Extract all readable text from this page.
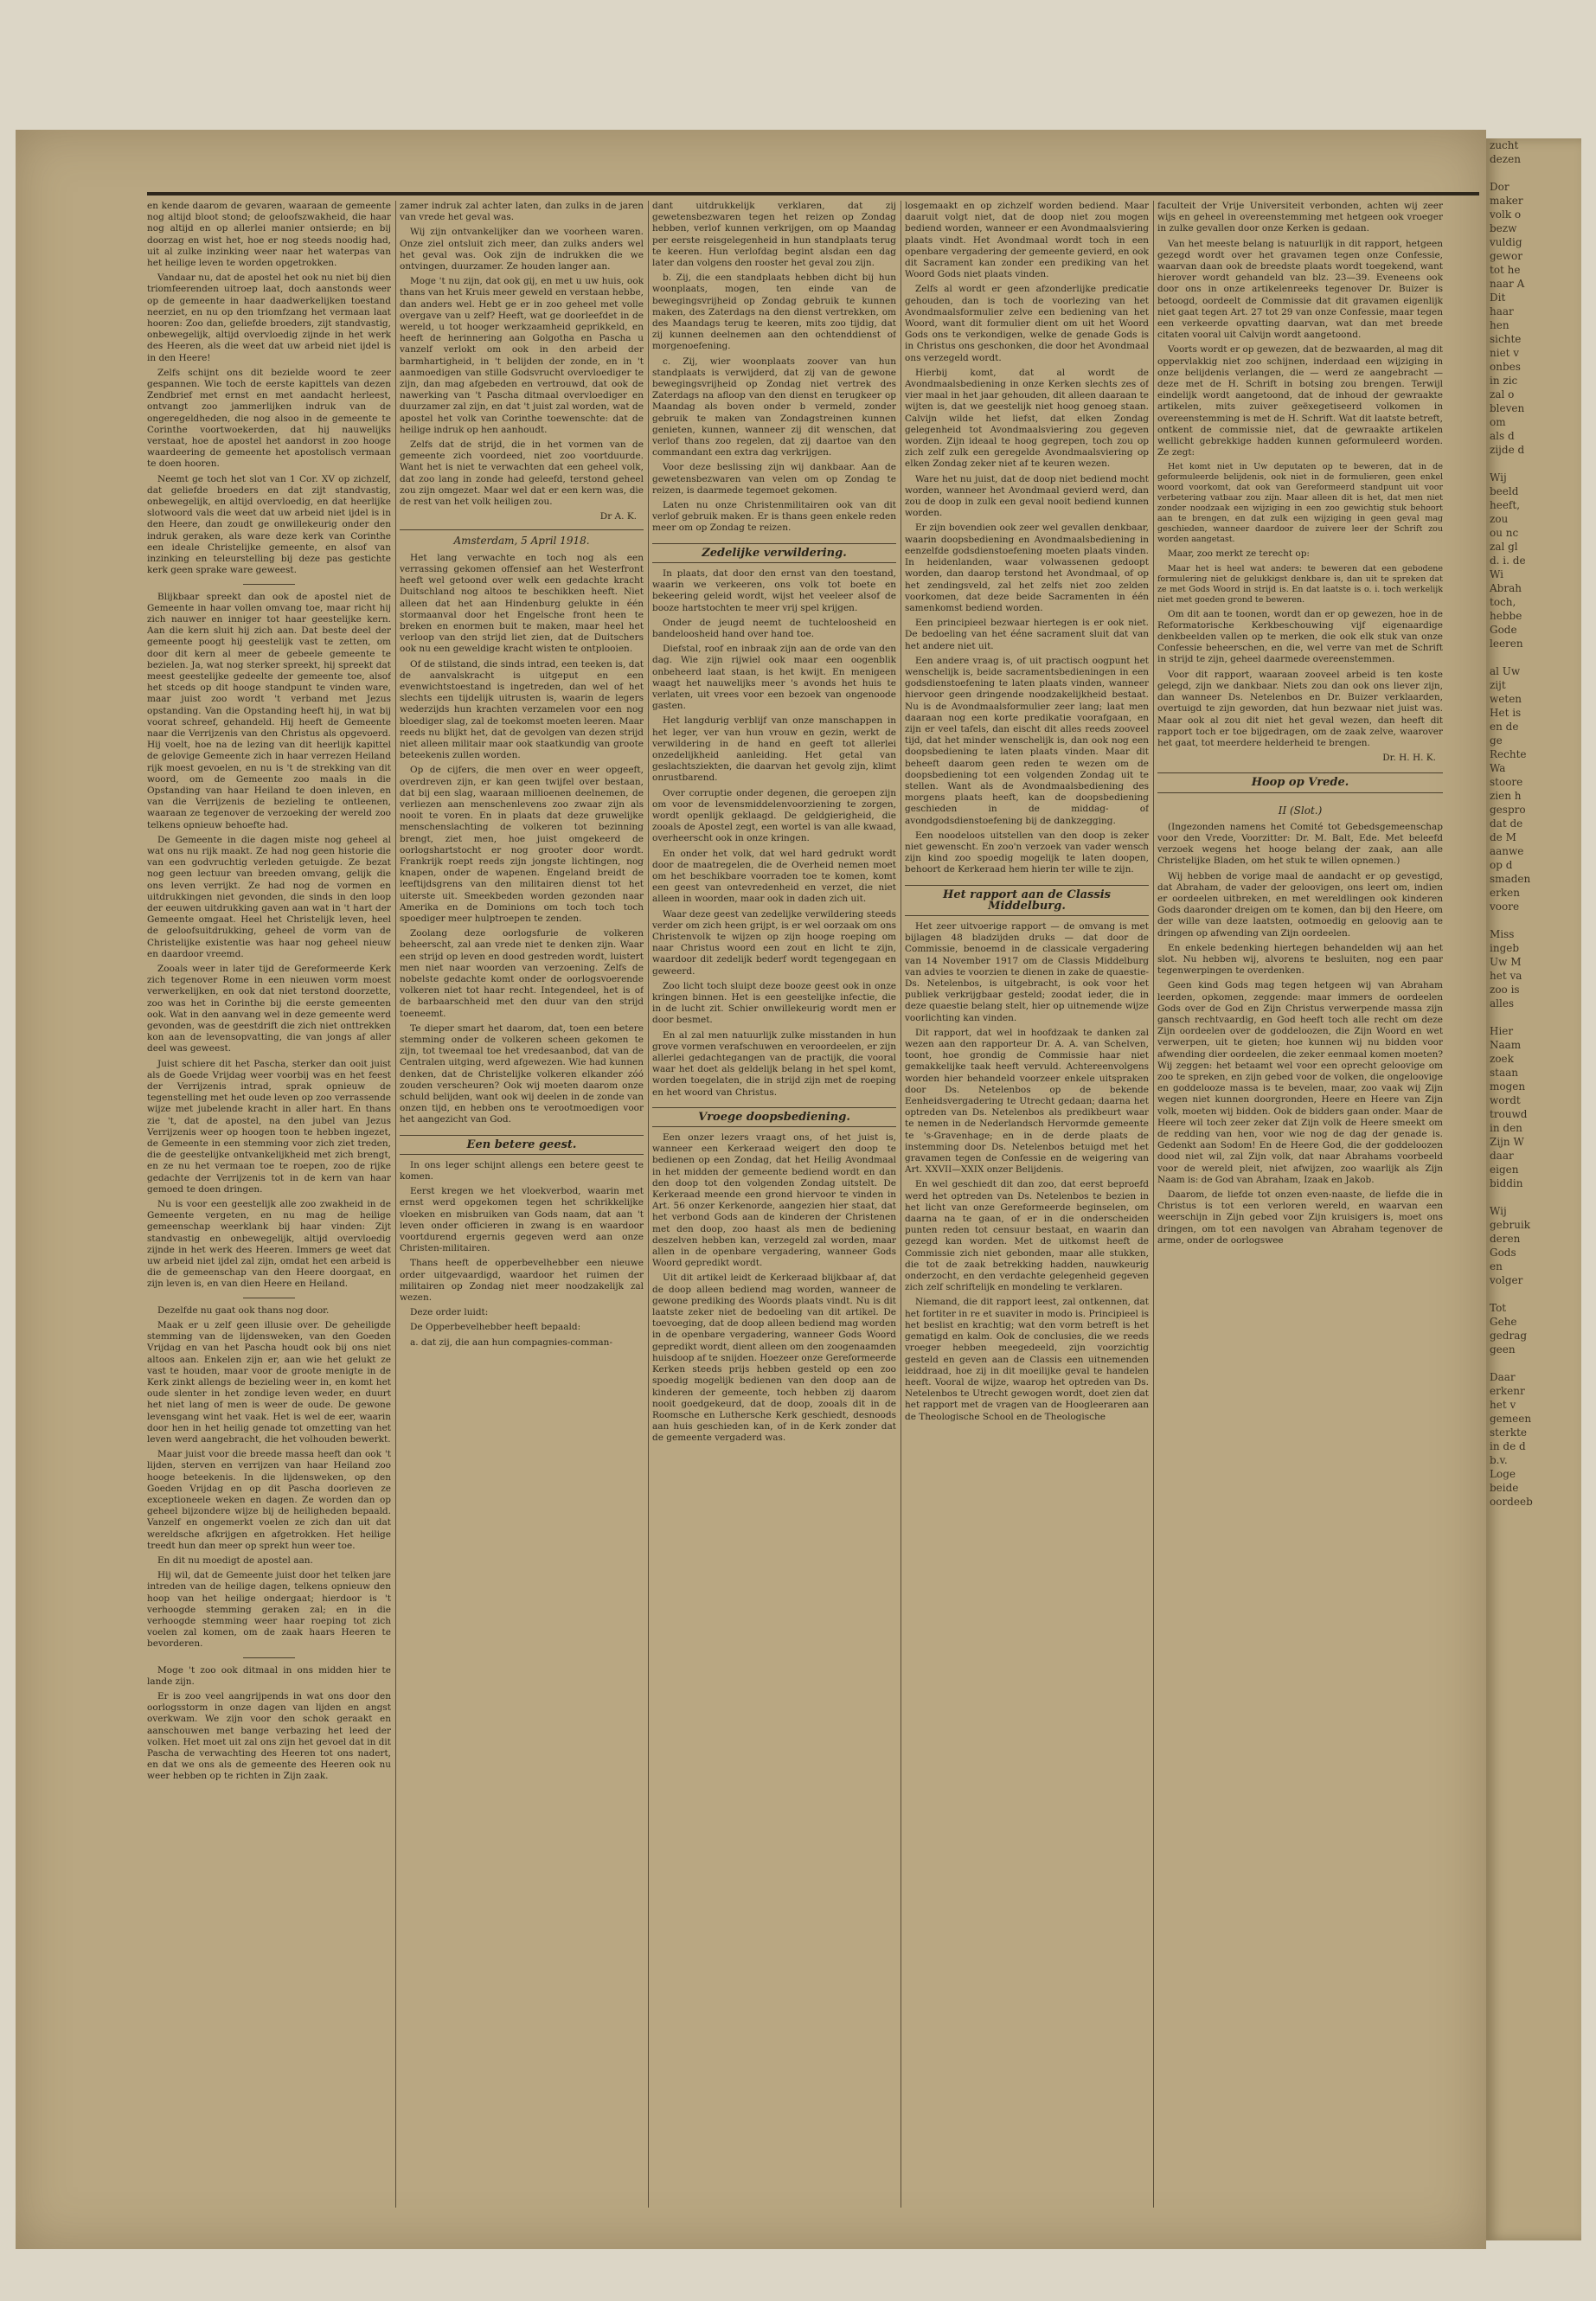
zucht
dezen

Dor
maker
volk o
bezw
vuldig
gewor
tot he
naar A
Dit
haar
hen
sichte
niet v
onbes
in zic
zal o
bleven
om
als d
zijde d

Wij
beeld
heeft,
zou
ou nc
zal gl
d. i. de
Wi
Abrah
toch,
hebbe
Gode
leeren

al Uw
zijt
weten
Het is
en de
ge
Rechte
Wa
stoore
zien h
gespro
dat de
de M
aanwe
op d
smaden
erken
voore

Miss
ingeb
Uw M
het va
zoo is
alles

Hier
Naam
zoek
staan
mogen
wordt
trouwd
in den
Zijn W
daar
eigen
biddin

Wij
gebruik
deren
Gods
en
volger

Tot
Gehe
gedrag
geen

Daar
erkenr
het v
gemeen
sterkte
in de d
b.v.
Loge
beide
oordeeb

en kende daarom de gevaren, waaraan de gemeente nog altijd bloot stond; de geloofszwakheid, die haar nog altijd en op allerlei manier ontsierde; en bij doorzag en wist het, hoe er nog steeds noodig had, uit al zulke inzinking weer naar het waterpas van het heilige leven te worden opgetrokken.

Vandaar nu, dat de apostel het ook nu niet bij dien triomfeerenden uitroep laat, doch aanstonds weer op de gemeente in haar daadwerkelijken toestand neerziet, en nu op den triomfzang het vermaan laat hooren: Zoo dan, geliefde broeders, zijt standvastig, onbewegelijk, altijd overvloedig zijnde in het werk des Heeren, als die weet dat uw arbeid niet ijdel is in den Heere!

Zelfs schijnt ons dit bezielde woord te zeer gespannen. Wie toch de eerste kapittels van dezen Zendbrief met ernst en met aandacht herleest, ontvangt zoo jammerlijken indruk van de ongeregeldheden, die nog alsoo in de gemeente te Corinthe voortwoekerden, dat hij nauwelijks verstaat, hoe de apostel het aandorst in zoo hooge waardeering de gemeente het apostolisch vermaan te doen hooren.

Neemt ge toch het slot van 1 Cor. XV op zichzelf, dat geliefde broeders en dat zijt standvastig, onbewegelijk, en altijd overvloedig, en dat heerlijke slotwoord vals die weet dat uw arbeid niet ijdel is in den Heere, dan zoudt ge onwillekeurig onder den indruk geraken, als ware deze kerk van Corinthe een ideale Christelijke gemeente, en alsof van inzinking en teleurstelling bij deze pas gestichte kerk geen sprake ware geweest.

Blijkbaar spreekt dan ook de apostel niet de Gemeente in haar vollen omvang toe, maar richt hij zich nauwer en inniger tot haar geestelijke kern. Aan die kern sluit hij zich aan. Dat beste deel der gemeente poogt hij geestelijk vast te zetten, om door dit kern al meer de gebeele gemeente te bezielen. Ja, wat nog sterker spreekt, hij spreekt dat meest geestelijke gedeelte der gemeente toe, alsof het stceds op dit hooge standpunt te vinden ware, maar juist zoo wordt 't verband met Jezus opstanding. Van die Opstanding heeft hij, in wat bij voorat schreef, gehandeld. Hij heeft de Gemeente naar die Verrijzenis van den Christus als opgevoerd. Hij voelt, hoe na de lezing van dit heerlijk kapittel de gelovige Gemeente zich in haar verrezen Heiland rijk moest gevoelen, en nu is 't de strekking van dit woord, om de Gemeente zoo maals in die Opstanding van haar Heiland te doen inleven, en van die Verrijzenis de bezieling te ontleenen, waaraan ze tegenover de verzoeking der wereld zoo telkens opnieuw behoefte had.

De Gemeente in die dagen miste nog geheel al wat ons nu rijk maakt. Ze had nog geen historie die van een godvruchtig verleden getuigde. Ze bezat nog geen lectuur van breeden omvang, gelijk die ons leven verrijkt. Ze had nog de vormen en uitdrukkingen niet gevonden, die sinds in den loop der eeuwen uitdrukking gaven aan wat in 't hart der Gemeente omgaat. Heel het Christelijk leven, heel de geloofsuitdrukking, geheel de vorm van de Christelijke existentie was haar nog geheel nieuw en daardoor vreemd.

Zooals weer in later tijd de Gereformeerde Kerk zich tegenover Rome in een nieuwen vorm moest verwerkelijken, en ook dat niet terstond doorzette, zoo was het in Corinthe bij die eerste gemeenten ook. Wat in den aanvang wel in deze gemeente werd gevonden, was de geestdrift die zich niet onttrekken kon aan de levensopvatting, die van jongs af aller deel was geweest.

Juist schiere dit het Pascha, sterker dan ooit juist als de Goede Vrijdag weer voorbij was en het feest der Verrijzenis intrad, sprak opnieuw de tegenstelling met het oude leven op zoo verrassende wijze met jubelende kracht in aller hart. En thans zie 't, dat de apostel, na den jubel van Jezus Verrijzenis weer op hoogen toon te hebben ingezet, de Gemeente in een stemming voor zich ziet treden, die de geestelijke ontvankelijkheid met zich brengt, en ze nu het vermaan toe te roepen, zoo de rijke gedachte der Verrijzenis tot in de kern van haar gemoed te doen dringen.

Nu is voor een geestelijk alle zoo zwakheid in de Gemeente vergeten, en nu mag de heilige gemeenschap weerklank bij haar vinden: Zijt standvastig en onbewegelijk, altijd overvloedig zijnde in het werk des Heeren. Immers ge weet dat uw arbeid niet ijdel zal zijn, omdat het een arbeid is die de gemeenschap van den Heere doorgaat, en zijn leven is, en van dien Heere en Heiland.

Dezelfde nu gaat ook thans nog door.

Maak er u zelf geen illusie over. De geheiligde stemming van de lijdensweken, van den Goeden Vrijdag en van het Pascha houdt ook bij ons niet altoos aan. Enkelen zijn er, aan wie het gelukt ze vast te houden, maar voor de groote menigte in de Kerk zinkt allengs de bezieling weer in, en komt het oude slenter in het zondige leven weder, en duurt het niet lang of men is weer de oude. De gewone levensgang wint het vaak. Het is wel de eer, waarin door hen in het heilig genade tot omzetting van het leven werd aangebracht, die het volhouden bewerkt.

Maar juist voor die breede massa heeft dan ook 't lijden, sterven en verrijzen van haar Heiland zoo hooge beteekenis. In die lijdensweken, op den Goeden Vrijdag en op dit Pascha doorleven ze exceptioneele weken en dagen. Ze worden dan op geheel bijzondere wijze bij de heiligheden bepaald. Vanzelf en ongemerkt voelen ze zich dan uit dat wereldsche afkrijgen en afgetrokken. Het heilige treedt hun dan meer op sprekt hun weer toe.

En dit nu moedigt de apostel aan.

Hij wil, dat de Gemeente juist door het telken jare intreden van de heilige dagen, telkens opnieuw den hoop van het heilige ondergaat; hierdoor is 't verhoogde stemming geraken zal; en in die verhoogde stemming weer haar roeping tot zich voelen zal komen, om de zaak haars Heeren te bevorderen.

Moge 't zoo ook ditmaal in ons midden hier te lande zijn.

Er is zoo veel aangrijpends in wat ons door den oorlogsstorm in onze dagen van lijden en angst overkwam. We zijn voor den schok geraakt en aanschouwen met bange verbazing het leed der volken. Het moet uit zal ons zijn het gevoel dat in dit Pascha de verwachting des Heeren tot ons nadert, en dat we ons als de gemeente des Heeren ook nu weer hebben op te richten in Zijn zaak.

zamer indruk zal achter laten, dan zulks in de jaren van vrede het geval was.

Wij zijn ontvankelijker dan we voorheen waren. Onze ziel ontsluit zich meer, dan zulks anders wel het geval was. Ook zijn de indrukken die we ontvingen, duurzamer. Ze houden langer aan.

Moge 't nu zijn, dat ook gij, en met u uw huis, ook thans van het Kruis meer geweld en verstaan hebbe, dan anders wel. Hebt ge er in zoo geheel met volle overgave van u zelf? Heeft, wat ge doorleefdet in de wereld, u tot hooger werkzaamheid geprikkeld, en heeft de herinnering aan Golgotha en Pascha u vanzelf verlokt om ook in den arbeid der barmhartigheid, in 't belijden der zonde, en in 't aanmoedigen van stille Godsvrucht overvloediger te zijn, dan mag afgebeden en vertrouwd, dat ook de nawerking van 't Pascha ditmaal overvloediger en duurzamer zal zijn, en dat 't juist zal worden, wat de apostel het volk van Corinthe toewenschte: dat de heilige indruk op hen aanhoudt.

Zelfs dat de strijd, die in het vormen van de gemeente zich voordeed, niet zoo voortduurde. Want het is niet te verwachten dat een geheel volk, dat zoo lang in zonde had geleefd, terstond geheel zou zijn omgezet. Maar wel dat er een kern was, die de rest van het volk heiligen zou.

Dr A. K.
Amsterdam, 5 April 1918.

Het lang verwachte en toch nog als een verrassing gekomen offensief aan het Westerfront heeft wel getoond over welk een gedachte kracht Duitschland nog altoos te beschikken heeft. Niet alleen dat het aan Hindenburg gelukte in één stormaanval door het Engelsche front heen te breken en enormen buit te maken, maar heel het verloop van den strijd liet zien, dat de Duitschers ook nu een geweldige kracht wisten te ontplooien.

Of de stilstand, die sinds intrad, een teeken is, dat de aanvalskracht is uitgeput en een evenwichtstoestand is ingetreden, dan wel of het slechts een tijdelijk uitrusten is, waarin de legers wederzijds hun krachten verzamelen voor een nog bloediger slag, zal de toekomst moeten leeren. Maar reeds nu blijkt het, dat de gevolgen van dezen strijd niet alleen militair maar ook staatkundig van groote beteekenis zullen worden.

Op de cijfers, die men over en weer opgeeft, overdreven zijn, er kan geen twijfel over bestaan, dat bij een slag, waaraan millioenen deelnemen, de verliezen aan menschenlevens zoo zwaar zijn als nooit te voren. En in plaats dat deze gruwelijke menschenslachting de volkeren tot bezinning brengt, ziet men, hoe juist omgekeerd de oorlogshartstocht er nog grooter door wordt. Frankrijk roept reeds zijn jongste lichtingen, nog knapen, onder de wapenen. Engeland breidt de leeftijdsgrens van den militairen dienst tot het uiterste uit. Smeekbeden worden gezonden naar Amerika en de Dominions om toch toch toch spoediger meer hulptroepen te zenden.

Zoolang deze oorlogsfurie de volkeren beheerscht, zal aan vrede niet te denken zijn. Waar een strijd op leven en dood gestreden wordt, luistert men niet naar woorden van verzoening. Zelfs de nobelste gedachte komt onder de oorlogsvoerende volkeren niet tot haar recht. Integendeel, het is of de barbaarschheid met den duur van den strijd toeneemt.

Te dieper smart het daarom, dat, toen een betere stemming onder de volkeren scheen gekomen te zijn, tot tweemaal toe het vredesaanbod, dat van de Centralen uitging, werd afgewezen. Wie had kunnen denken, dat de Christelijke volkeren elkander zóó zouden verscheuren? Ook wij moeten daarom onze schuld belijden, want ook wij deelen in de zonde van onzen tijd, en hebben ons te verootmoedigen voor het aangezicht van God.

Een betere geest.

In ons leger schijnt allengs een betere geest te komen.

Eerst kregen we het vloekverbod, waarin met ernst werd opgekomen tegen het schrikkelijke vloeken en misbruiken van Gods naam, dat aan 't leven onder officieren in zwang is en waardoor voortdurend ergernis gegeven werd aan onze Christen-militairen.

Thans heeft de opperbevelhebber een nieuwe order uitgevaardigd, waardoor het ruimen der militairen op Zondag niet meer noodzakelijk zal wezen.

Deze order luidt:

De Opperbevelhebber heeft bepaald:

a. dat zij, die aan hun compagnies-comman-

dant uitdrukkelijk verklaren, dat zij gewetensbezwaren tegen het reizen op Zondag hebben, verlof kunnen verkrijgen, om op Maandag per eerste reisgelegenheid in hun standplaats terug te keeren. Hun verlofdag begint alsdan een dag later dan volgens den rooster het geval zou zijn.

b. Zij, die een standplaats hebben dicht bij hun woonplaats, mogen, ten einde van de bewegingsvrijheid op Zondag gebruik te kunnen maken, des Zaterdags na den dienst vertrekken, om des Maandags terug te keeren, mits zoo tijdig, dat zij kunnen deelnemen aan den ochtenddienst of morgenoefening.

c. Zij, wier woonplaats zoover van hun standplaats is verwijderd, dat zij van de gewone bewegingsvrijheid op Zondag niet vertrek des Zaterdags na afloop van den dienst en terugkeer op Maandag als boven onder b vermeld, zonder gebruik te maken van Zondagstreinen kunnen genieten, kunnen, wanneer zij dit wenschen, dat verlof thans zoo regelen, dat zij daartoe van den commandant een extra dag verkrijgen.

Voor deze beslissing zijn wij dankbaar. Aan de gewetensbezwaren van velen om op Zondag te reizen, is daarmede tegemoet gekomen.

Laten nu onze Christenmilitairen ook van dit verlof gebruik maken. Er is thans geen enkele reden meer om op Zondag te reizen.

Zedelijke verwildering.

In plaats, dat door den ernst van den toestand, waarin we verkeeren, ons volk tot boete en bekeering geleid wordt, wijst het veeleer alsof de booze hartstochten te meer vrij spel krijgen.

Onder de jeugd neemt de tuchteloosheid en bandeloosheid hand over hand toe.

Diefstal, roof en inbraak zijn aan de orde van den dag. Wie zijn rijwiel ook maar een oogenblik onbeheerd laat staan, is het kwijt. En menigeen waagt het nauwelijks meer 's avonds het huis te verlaten, uit vrees voor een bezoek van ongenoode gasten.

Het langdurig verblijf van onze manschappen in het leger, ver van hun vrouw en gezin, werkt de verwildering in de hand en geeft tot allerlei onzedelijkheid aanleiding. Het getal van geslachtsziekten, die daarvan het gevolg zijn, klimt onrustbarend.

Over corruptie onder degenen, die geroepen zijn om voor de levensmiddelenvoorziening te zorgen, wordt openlijk geklaagd. De geldgierigheid, die zooals de Apostel zegt, een wortel is van alle kwaad, overheerscht ook in onze kringen.

En onder het volk, dat wel hard gedrukt wordt door de maatregelen, die de Overheid nemen moet om het beschikbare voorraden toe te komen, komt een geest van ontevredenheid en verzet, die niet alleen in woorden, maar ook in daden zich uit.

Waar deze geest van zedelijke verwildering steeds verder om zich heen grijpt, is er wel oorzaak om ons Christenvolk te wijzen op zijn hooge roeping om naar Christus woord een zout en licht te zijn, waardoor dit zedelijk bederf wordt tegengegaan en geweerd.

Zoo licht toch sluipt deze booze geest ook in onze kringen binnen. Het is een geestelijke infectie, die in de lucht zit. Schier onwillekeurig wordt men er door besmet.

En al zal men natuurlijk zulke misstanden in hun grove vormen verafschuwen en veroordeelen, er zijn allerlei gedachtegangen van de practijk, die vooral waar het doet als geldelijk belang in het spel komt, worden toegelaten, die in strijd zijn met de roeping en het woord van Christus.

Vroege doopsbediening.

Een onzer lezers vraagt ons, of het juist is, wanneer een Kerkeraad weigert den doop te bedienen op een Zondag, dat het Heilig Avondmaal in het midden der gemeente bediend wordt en dan den doop tot den volgenden Zondag uitstelt. De Kerkeraad meende een grond hiervoor te vinden in Art. 56 onzer Kerkenorde, aangezien hier staat, dat het verbond Gods aan de kinderen der Christenen met den doop, zoo haast als men de bediening deszelven hebben kan, verzegeld zal worden, maar allen in de openbare vergadering, wanneer Gods Woord gepredikt wordt.

Uit dit artikel leidt de Kerkeraad blijkbaar af, dat de doop alleen bediend mag worden, wanneer de gewone prediking des Woords plaats vindt. Nu is dit laatste zeker niet de bedoeling van dit artikel. De toevoeging, dat de doop alleen bediend mag worden in de openbare vergadering, wanneer Gods Woord gepredikt wordt, dient alleen om den zoogenaamden huisdoop af te snijden. Hoezeer onze Gereformeerde Kerken steeds prijs hebben gesteld op een zoo spoedig mogelijk bedienen van den doop aan de kinderen der gemeente, toch hebben zij daarom nooit goedgekeurd, dat de doop, zooals dit in de Roomsche en Luthersche Kerk geschiedt, desnoods aan huis geschieden kan, of in de Kerk zonder dat de gemeente vergaderd was.

losgemaakt en op zichzelf worden bediend. Maar daaruit volgt niet, dat de doop niet zou mogen bediend worden, wanneer er een Avondmaalsviering plaats vindt. Het Avondmaal wordt toch in een openbare vergadering der gemeente gevierd, en ook dit Sacrament kan zonder een prediking van het Woord Gods niet plaats vinden.

Zelfs al wordt er geen afzonderlijke predicatie gehouden, dan is toch de voorlezing van het Avondmaalsformulier zelve een bediening van het Woord, want dit formulier dient om uit het Woord Gods ons te verkondigen, welke de genade Gods is in Christus ons geschonken, die door het Avondmaal ons verzegeld wordt.

Hierbij komt, dat al wordt de Avondmaalsbediening in onze Kerken slechts zes of vier maal in het jaar gehouden, dit alleen daaraan te wijten is, dat we geestelijk niet hoog genoeg staan. Calvijn wilde het liefst, dat elken Zondag gelegenheid tot Avondmaalsviering zou gegeven worden. Zijn ideaal te hoog gegrepen, toch zou op zich zelf zulk een geregelde Avondmaalsviering op elken Zondag zeker niet af te keuren wezen.

Ware het nu juist, dat de doop niet bediend mocht worden, wanneer het Avondmaal gevierd werd, dan zou de doop in zulk een geval nooit bediend kunnen worden.

Er zijn bovendien ook zeer wel gevallen denkbaar, waarin doopsbediening en Avondmaalsbediening in eenzelfde godsdienstoefening moeten plaats vinden. In heidenlanden, waar volwassenen gedoopt worden, dan daarop terstond het Avondmaal, of op het zendingsveld, zal het zelfs niet zoo zelden voorkomen, dat deze beide Sacramenten in één samenkomst bediend worden.

Een principieel bezwaar hiertegen is er ook niet. De bedoeling van het ééne sacrament sluit dat van het andere niet uit.

Een andere vraag is, of uit practisch oogpunt het wenschelijk is, beide sacramentsbedieningen in een godsdienstoefening te laten plaats vinden, wanneer hiervoor geen dringende noodzakelijkheid bestaat. Nu is de Avondmaalsformulier zeer lang; laat men daaraan nog een korte predikatie voorafgaan, en zijn er veel tafels, dan eischt dit alles reeds zooveel tijd, dat het minder wenschelijk is, dan ook nog een doopsbediening te laten plaats vinden. Maar dit beheeft daarom geen reden te wezen om de doopsbediening tot een volgenden Zondag uit te stellen. Want als de Avondmaalsbediening des morgens plaats heeft, kan de doopsbediening geschieden in de middag- of avondgodsdienstoefening bij de dankzegging.

Een noodeloos uitstellen van den doop is zeker niet gewenscht. En zoo'n verzoek van vader wensch zijn kind zoo spoedig mogelijk te laten doopen, behoort de Kerkeraad hem hierin ter wille te zijn.

Het rapport aan de Classis Middelburg.

Het zeer uitvoerige rapport — de omvang is met bijlagen 48 bladzijden druks — dat door de Commissie, benoemd in de classicale vergadering van 14 November 1917 om de Classis Middelburg van advies te voorzien te dienen in zake de quaestie-Ds. Netelenbos, is uitgebracht, is ook voor het publiek verkrijgbaar gesteld; zoodat ieder, die in deze quaestie belang stelt, hier op uitnemende wijze voorlichting kan vinden.

Dit rapport, dat wel in hoofdzaak te danken zal wezen aan den rapporteur Dr. A. A. van Schelven, toont, hoe grondig de Commissie haar niet gemakkelijke taak heeft vervuld. Achtereenvolgens worden hier behandeld voorzeer enkele uitspraken door Ds. Netelenbos op de bekende Eenheidsvergadering te Utrecht gedaan; daarna het optreden van Ds. Netelenbos als predikbeurt waar te nemen in de Nederlandsch Hervormde gemeente te 's-Gravenhage; en in de derde plaats de instemming door Ds. Netelenbos betuigd met het gravamen tegen de Confessie en de weigering van Art. XXVII—XXIX onzer Belijdenis.

En wel geschiedt dit dan zoo, dat eerst beproefd werd het optreden van Ds. Netelenbos te bezien in het licht van onze Gereformeerde beginselen, om daarna na te gaan, of er in die onderscheiden punten reden tot censuur bestaat, en waarin dan gezegd kan worden. Met de uitkomst heeft de Commissie zich niet gebonden, maar alle stukken, die tot de zaak betrekking hadden, nauwkeurig onderzocht, en den verdachte gelegenheid gegeven zich zelf schriftelijk en mondeling te verklaren.

Niemand, die dit rapport leest, zal ontkennen, dat het fortiter in re et suaviter in modo is. Principieel is het beslist en krachtig; wat den vorm betreft is het gematigd en kalm. Ook de conclusies, die we reeds vroeger hebben meegedeeld, zijn voorzichtig gesteld en geven aan de Classis een uitnemenden leiddraad, hoe zij in dit moeilijke geval te handelen heeft. Vooral de wijze, waarop het optreden van Ds. Netelenbos te Utrecht gewogen wordt, doet zien dat het rapport met de vragen van de Hoogleeraren aan de Theologische School en de Theologische

faculteit der Vrije Universiteit verbonden, achten wij zeer wijs en geheel in overeenstemming met hetgeen ook vroeger in zulke gevallen door onze Kerken is gedaan.

Van het meeste belang is natuurlijk in dit rapport, hetgeen gezegd wordt over het gravamen tegen onze Confessie, waarvan daan ook de breedste plaats wordt toegekend, want hierover wordt gehandeld van blz. 23—39. Eveneens ook door ons in onze artikelenreeks tegenover Dr. Buizer is betoogd, oordeelt de Commissie dat dit gravamen eigenlijk niet gaat tegen Art. 27 tot 29 van onze Confessie, maar tegen een verkeerde opvatting daarvan, wat dan met breede citaten vooral uit Calvijn wordt aangetoond.

Voorts wordt er op gewezen, dat de bezwaarden, al mag dit oppervlakkig niet zoo schijnen, inderdaad een wijziging in onze belijdenis verlangen, die — werd ze aangebracht — deze met de H. Schrift in botsing zou brengen. Terwijl eindelijk wordt aangetoond, dat de inhoud der gewraakte artikelen, mits zuiver geëxegetiseerd volkomen in overeenstemming is met de H. Schrift. Wat dit laatste betreft, ontkent de commissie niet, dat de gewraakte artikelen wellicht gebrekkige hadden kunnen geformuleerd worden. Ze zegt:

Het komt niet in Uw deputaten op te beweren, dat in de geformuleerde belijdenis, ook niet in de formulieren, geen enkel woord voorkomt, dat ook van Gereformeerd standpunt uit voor verbetering vatbaar zou zijn. Maar alleen dit is het, dat men niet zonder noodzaak een wijziging in een zoo gewichtig stuk behoort aan te brengen, en dat zulk een wijziging in geen geval mag geschieden, wanneer daardoor de zuivere leer der Schrift zou worden aangetast.

Maar, zoo merkt ze terecht op:

Maar het is heel wat anders: te beweren dat een gebodene formulering niet de gelukkigst denkbare is, dan uit te spreken dat ze met Gods Woord in strijd is. En dat laatste is o. i. toch werkelijk niet met goeden grond te beweren.

Om dit aan te toonen, wordt dan er op gewezen, hoe in de Reformatorische Kerkbeschouwing vijf eigenaardige denkbeelden vallen op te merken, die ook elk stuk van onze Confessie beheerschen, en die, wel verre van met de Schrift in strijd te zijn, geheel daarmede overeenstemmen.

Voor dit rapport, waaraan zooveel arbeid is ten koste gelegd, zijn we dankbaar. Niets zou dan ook ons liever zijn, dan wanneer Ds. Netelenbos en Dr. Buizer verklaarden, overtuigd te zijn geworden, dat hun bezwaar niet juist was. Maar ook al zou dit niet het geval wezen, dan heeft dit rapport toch er toe bijgedragen, om de zaak zelve, waarover het gaat, tot meerdere helderheid te brengen.

Dr. H. H. K.
Hoop op Vrede.
II (Slot.)

(Ingezonden namens het Comité tot Gebedsgemeenschap voor den Vrede, Voorzitter: Dr. M. Balt, Ede. Met beleefd verzoek wegens het hooge belang der zaak, aan alle Christelijke Bladen, om het stuk te willen opnemen.)

Wij hebben de vorige maal de aandacht er op gevestigd, dat Abraham, de vader der geloovigen, ons leert om, indien er oordeelen uitbreken, en met wereldlingen ook kinderen Gods daaronder dreigen om te komen, dan bij den Heere, om der wille van deze laatsten, ootmoedig en geloovig aan te dringen op afwending van Zijn oordeelen.

En enkele bedenking hiertegen behandelden wij aan het slot. Nu hebben wij, alvorens te besluiten, nog een paar tegenwerpingen te overdenken.

Geen kind Gods mag tegen hetgeen wij van Abraham leerden, opkomen, zeggende: maar immers de oordeelen Gods over de God en Zijn Christus verwerpende massa zijn gansch rechtvaardig, en God heeft toch alle recht om deze Zijn oordeelen over de goddeloozen, die Zijn Woord en wet verwerpen, uit te gieten; hoe kunnen wij nu bidden voor afwending dier oordeelen, die zeker eenmaal komen moeten? Wij zeggen: het betaamt wel voor een oprecht geloovige om zoo te spreken, en zijn gebed voor de volken, die ongeloovige en goddelooze massa is te bevelen, maar, zoo vaak wij Zijn wegen niet kunnen doorgronden, Heere en Heere van Zijn volk, moeten wij bidden. Ook de bidders gaan onder. Maar de Heere wil toch zeer zeker dat Zijn volk de Heere smeekt om de redding van hen, voor wie nog de dag der genade is. Gedenkt aan Sodom! En de Heere God, die der goddeloozen dood niet wil, zal Zijn volk, dat naar Abrahams voorbeeld voor de wereld pleit, niet afwijzen, zoo waarlijk als Zijn Naam is: de God van Abraham, Izaak en Jakob.

Daarom, de liefde tot onzen even-naaste, de liefde die in Christus is tot een verloren wereld, en waarvan een weerschijn in Zijn gebed voor Zijn kruisigers is, moet ons dringen, om tot een navolgen van Abraham tegenover de arme, onder de oorlogswee
